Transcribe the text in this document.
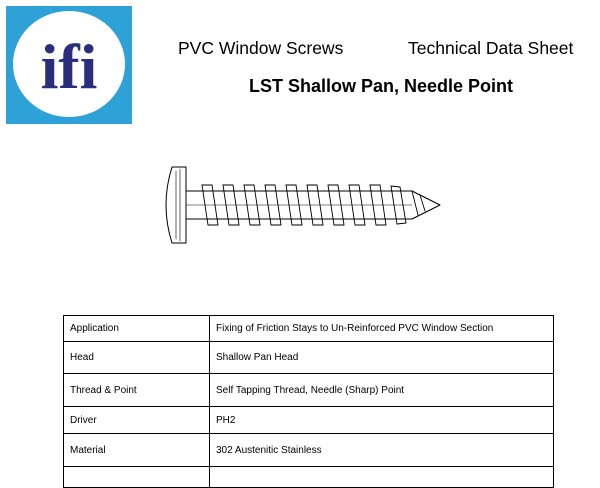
ifi	PVC Window Screws	Technical Data Sheet
LST Shallow Pan, Needle Point
Application	Fixing of Friction Stays to Un-Reinforced PVC Window Section
Head	Shallow Pan Head
Thread & Point	Self Tapping Thread, Needle (Sharp) Point
Driver	PH2
Material	302 Austenitic Stainless
